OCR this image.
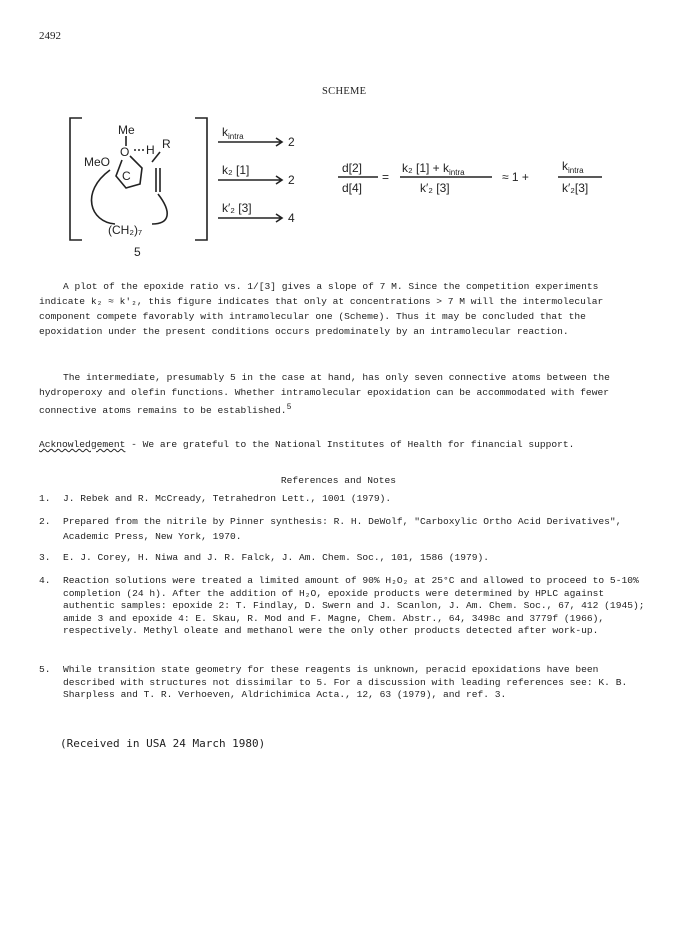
2492
SCHEME
Me
MeO
O H
C
R
(CH₂)₇
5
$k_{intra}$	2
k₂ [1]
2
k′₂ [3]
4
d[2]
d[4]
=
k₂ $[1] + k_{intra}$
k′₂ [3]
≈ 1 +
$k_{intra}$
k′₂[3]

A plot of the epoxide ratio vs. 1/[3] gives a slope of 7 M. Since the competition experiments indicate k₂ ≈ k′₂, this figure indicates that only at concentrations > 7 M will the intermolecular component compete favorably with intramolecular one (Scheme). Thus it may be concluded that the epoxidation under the present conditions occurs predominately by an intramolecular reaction.

The intermediate, presumably 5 in the case at hand, has only seven connective atoms between the hydroperoxy and olefin functions. Whether intramolecular epoxidation can be accommodated with fewer connective atoms remains to be established.$^5$

Acknowledgement - We are grateful to the National Institutes of Health for financial support.

References and Notes
1.	J. Rebek and R. McCready, Tetrahedron Lett., 1001 (1979).
2.	Prepared from the nitrile by Pinner synthesis: R. H. DeWolf, "Carboxylic Ortho Acid Derivatives", Academic Press, New York, 1970.
3.	E. J. Corey, H. Niwa and J. R. Falck, J. Am. Chem. Soc., 101, 1586 (1979).
4.	Reaction solutions were treated a limited amount of 90% H₂O₂ at 25°C and allowed to proceed to 5-10% completion (24 h). After the addition of H₂O, epoxide products were determined by HPLC against authentic samples: epoxide 2: T. Findlay, D. Swern and J. Scanlon, J. Am. Chem. Soc., 67, 412 (1945); amide 3 and epoxide 4: E. Skau, R. Mod and F. Magne, Chem. Abstr., 64, 3498c and 3779f (1966), respectively. Methyl oleate and methanol were the only other products detected after work-up.
5.	While transition state geometry for these reagents is unknown, peracid epoxidations have been described with structures not dissimilar to 5. For a discussion with leading references see: K. B. Sharpless and T. R. Verhoeven, Aldrichimica Acta., 12, 63 (1979), and ref. 3.
(Received in USA 24 March 1980)
